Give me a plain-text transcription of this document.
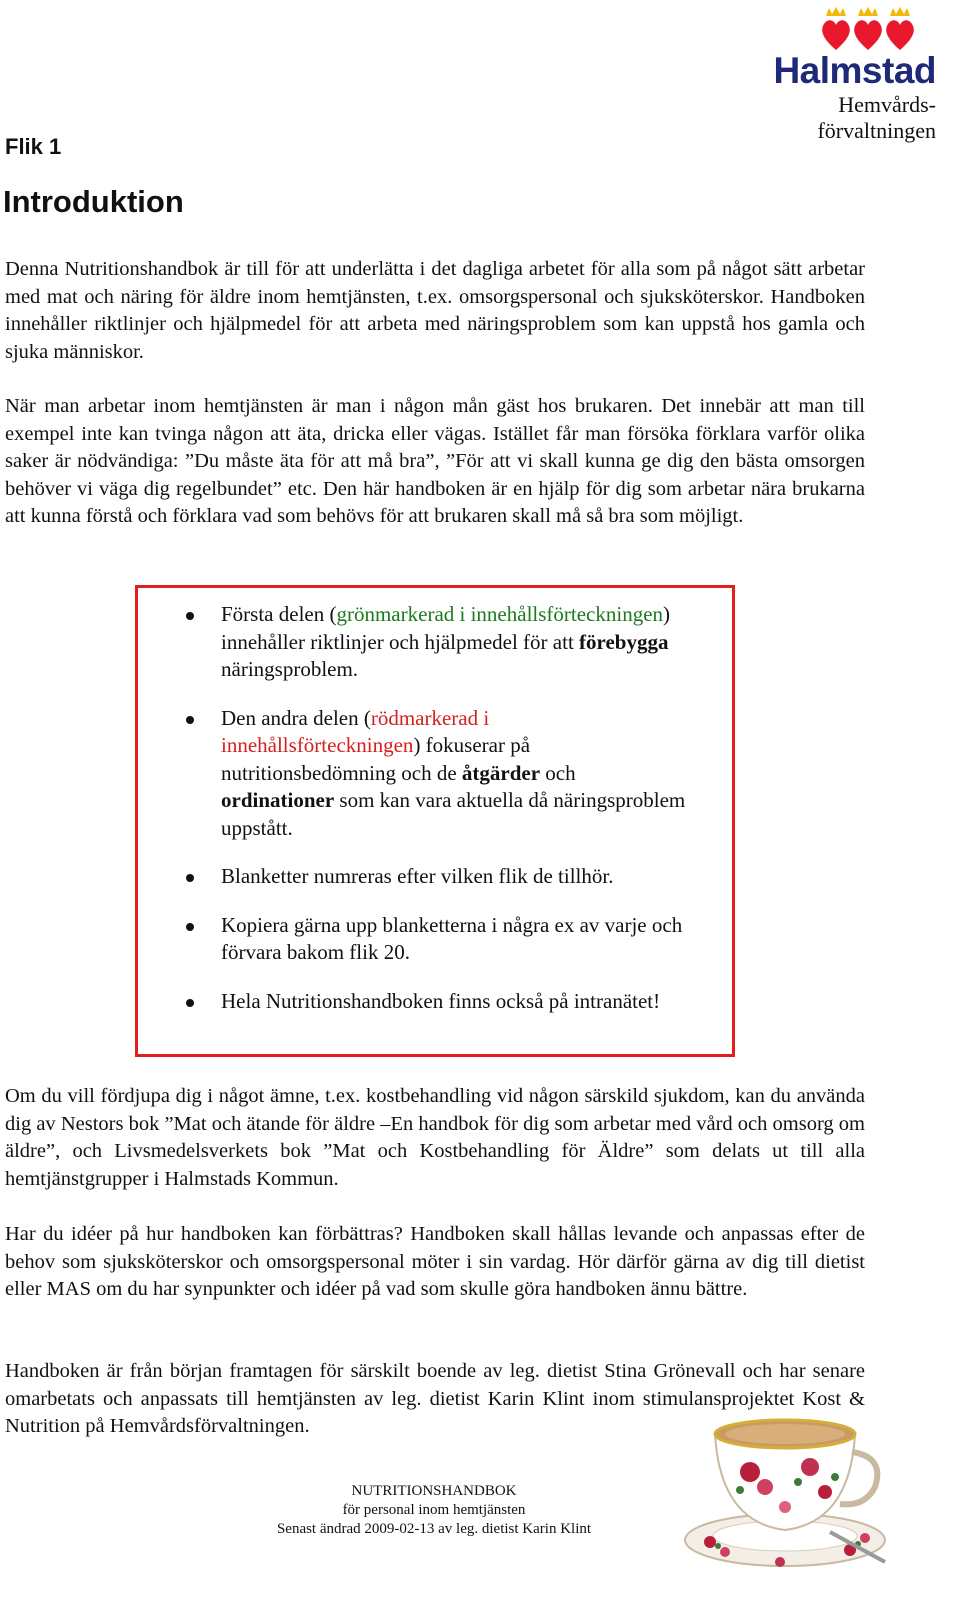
Halmstad
Hemvårds-
förvaltningen
Flik 1
Introduktion

Denna Nutritionshandbok är till för att underlätta i det dagliga arbetet för alla som på något sätt arbetar med mat och näring för äldre inom hemtjänsten, t.ex. omsorgspersonal och sjuksköterskor. Handboken innehåller riktlinjer och hjälpmedel för att arbeta med näringsproblem som kan uppstå hos gamla och sjuka människor.

När man arbetar inom hemtjänsten är man i någon mån gäst hos brukaren. Det innebär att man till exempel inte kan tvinga någon att äta, dricka eller vägas. Istället får man försöka förklara varför olika saker är nödvändiga: ”Du måste äta för att må bra”, ”För att vi skall kunna ge dig den bästa omsorgen behöver vi väga dig regelbundet” etc. Den här handboken är en hjälp för dig som arbetar nära brukarna att kunna förstå och förklara vad som behövs för att brukaren skall må så bra som möjligt.

Första delen (grönmarkerad i innehållsförteckningen) innehåller riktlinjer och hjälpmedel för att förebygga näringsproblem.
Den andra delen (rödmarkerad i innehållsförteckningen) fokuserar på nutritionsbedömning och de åtgärder och ordinationer som kan vara aktuella då näringsproblem uppstått.
Blanketter numreras efter vilken flik de tillhör.
Kopiera gärna upp blanketterna i några ex av varje och förvara bakom flik 20.
Hela Nutritionshandboken finns också på intranätet!

Om du vill fördjupa dig i något ämne, t.ex. kostbehandling vid någon särskild sjukdom, kan du använda dig av Nestors bok ”Mat och ätande för äldre –En handbok för dig som arbetar med vård och omsorg om äldre”, och Livsmedelsverkets bok ”Mat och Kostbehandling för Äldre” som delats ut till alla hemtjänstgrupper i Halmstads Kommun.

Har du idéer på hur handboken kan förbättras? Handboken skall hållas levande och anpassas efter de behov som sjuksköterskor och omsorgspersonal möter i sin vardag. Hör därför gärna av dig till dietist eller MAS om du har synpunkter och idéer på vad som skulle göra handboken ännu bättre.

Handboken är från början framtagen för särskilt boende av leg. dietist Stina Grönevall och har senare omarbetats och anpassats till hemtjänsten av leg. dietist Karin Klint inom stimulansprojektet Kost & Nutrition på Hemvårdsförvaltningen.

NUTRITIONSHANDBOK
för personal inom hemtjänsten
Senast ändrad 2009-02-13 av leg. dietist Karin Klint
